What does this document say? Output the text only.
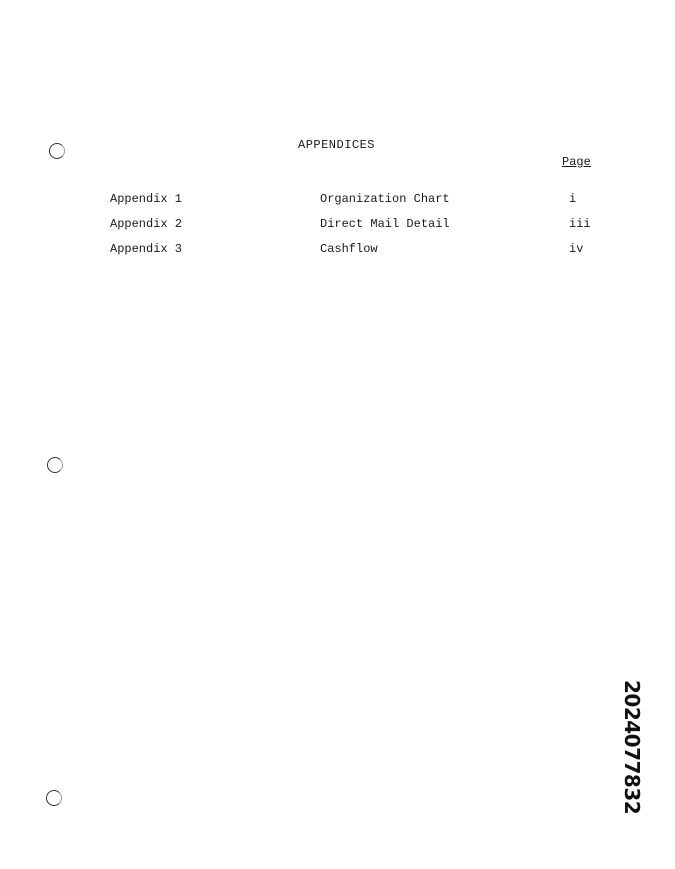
APPENDICES
Page
Appendix 1	Organization Chart	i
Appendix 2	Direct Mail Detail	iii
Appendix 3	Cashflow	iv
2024077832
